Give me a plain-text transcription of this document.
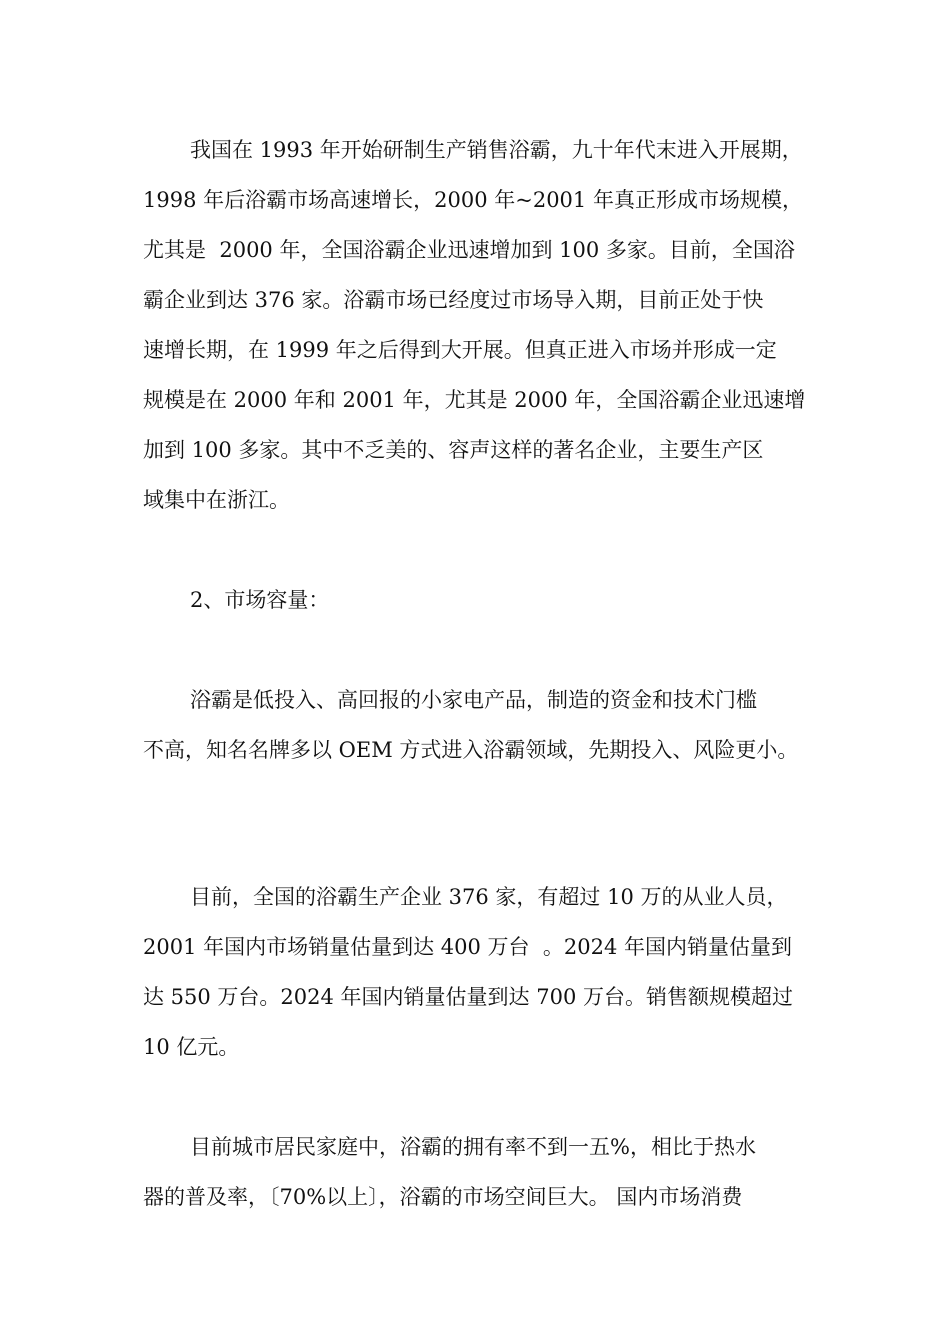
我国在 1993 年开始研制生产销售浴霸，九十年代末进入开展期，
1998 年后浴霸市场高速增长，2000 年~2001 年真正形成市场规模，
尤其是  2000 年，全国浴霸企业迅速增加到 100 多家。目前，全国浴
霸企业到达 376 家。浴霸市场已经度过市场导入期，目前正处于快
速增长期，在 1999 年之后得到大开展。但真正进入市场并形成一定
规模是在 2000 年和 2001 年，尤其是 2000 年，全国浴霸企业迅速增
加到 100 多家。其中不乏美的、容声这样的著名企业，主要生产区
域集中在浙江。
2、市场容量：
浴霸是低投入、高回报的小家电产品，制造的资金和技术门槛
不高，知名名牌多以 OEM 方式进入浴霸领域，先期投入、风险更小。
目前，全国的浴霸生产企业 376 家，有超过 10 万的从业人员，
2001 年国内市场销量估量到达 400 万台  。2024 年国内销量估量到
达 550 万台。2024 年国内销量估量到达 700 万台。销售额规模超过
10 亿元。
目前城市居民家庭中，浴霸的拥有率不到一五%，相比于热水
器的普及率，〔70%以上〕，浴霸的市场空间巨大。 国内市场消费
